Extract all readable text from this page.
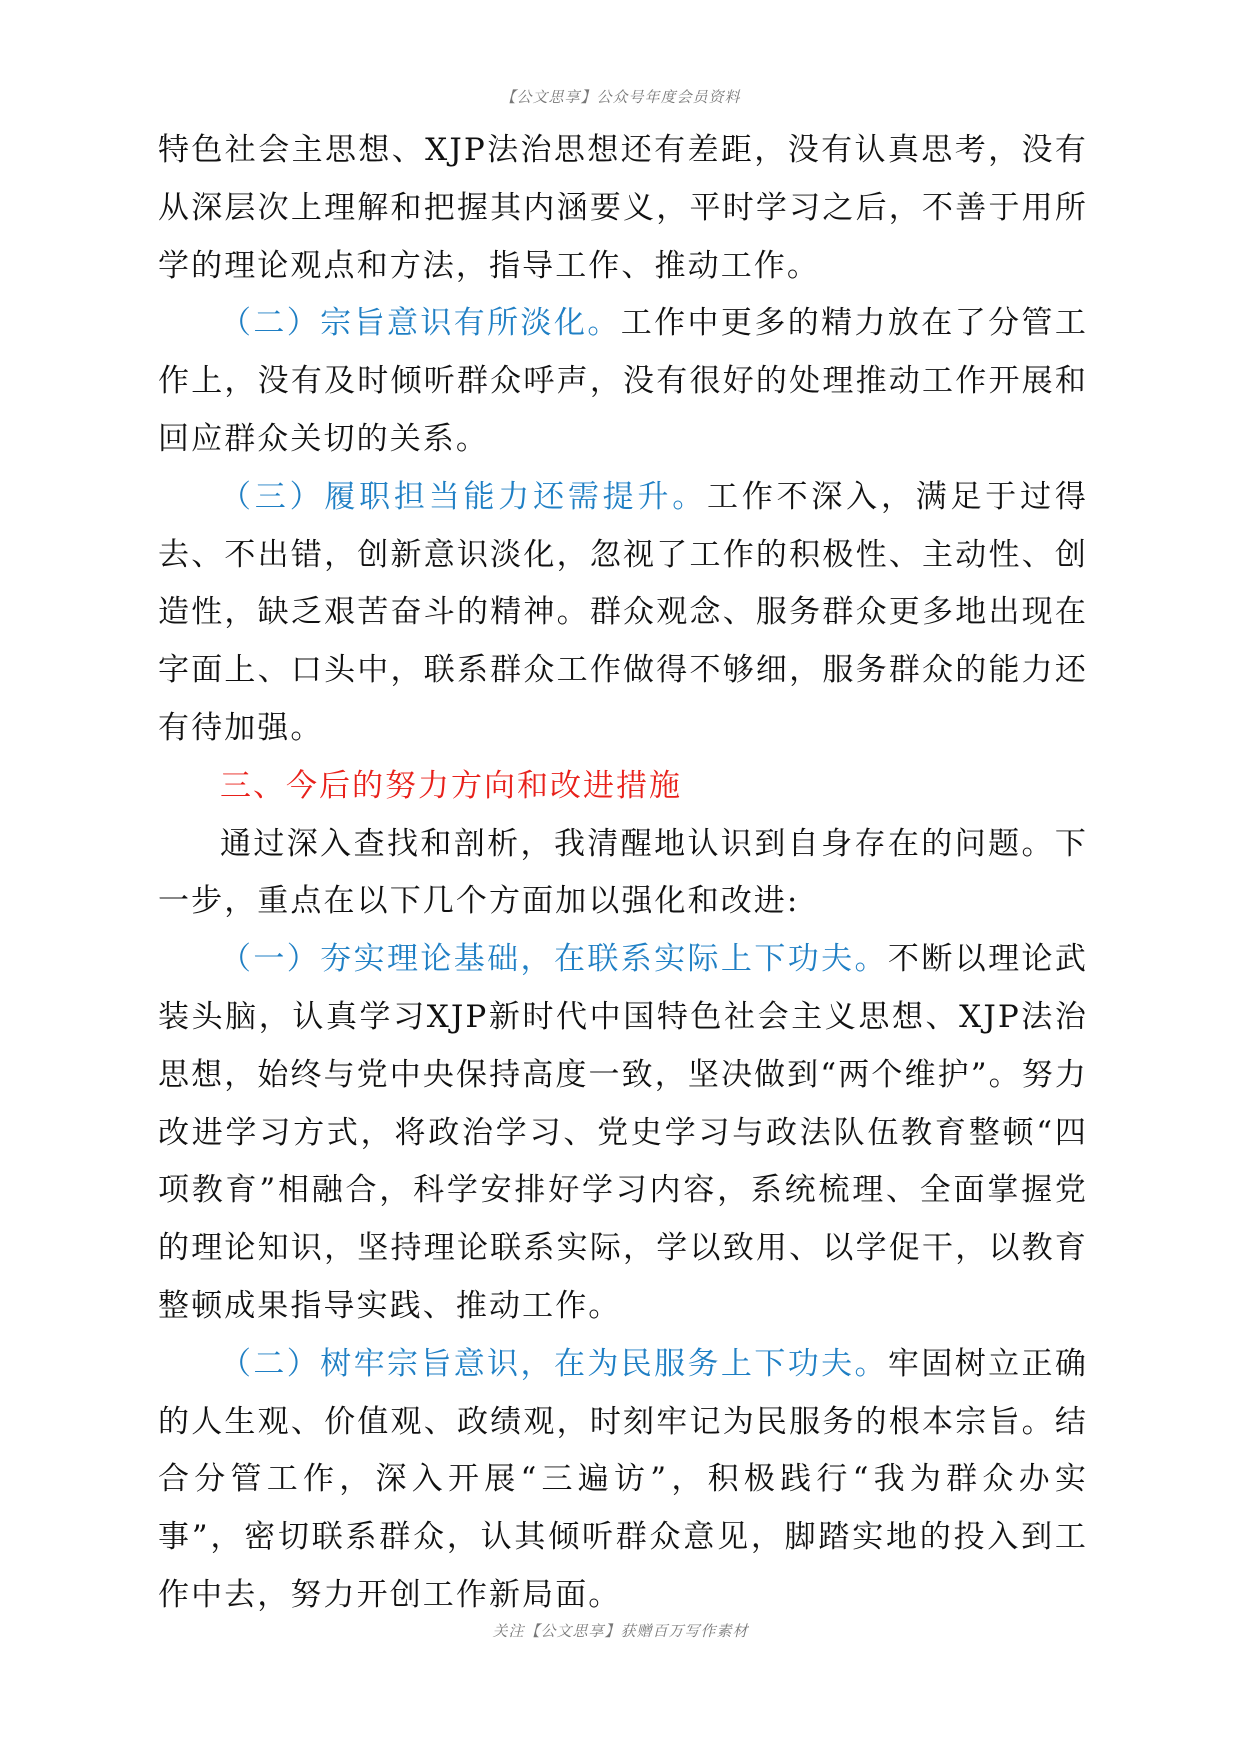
【公文思享】公众号年度会员资料

特色社会主思想、XJP法治思想还有差距，没有认真思考，没有从深层次上理解和把握其内涵要义，平时学习之后，不善于用所学的理论观点和方法，指导工作、推动工作。

（二）宗旨意识有所淡化。工作中更多的精力放在了分管工作上，没有及时倾听群众呼声，没有很好的处理推动工作开展和回应群众关切的关系。

（三）履职担当能力还需提升。工作不深入，满足于过得去、不出错，创新意识淡化，忽视了工作的积极性、主动性、创造性，缺乏艰苦奋斗的精神。群众观念、服务群众更多地出现在字面上、口头中，联系群众工作做得不够细，服务群众的能力还有待加强。

三、今后的努力方向和改进措施

通过深入查找和剖析，我清醒地认识到自身存在的问题。下一步，重点在以下几个方面加以强化和改进:

（一）夯实理论基础，在联系实际上下功夫。不断以理论武装头脑，认真学习XJP新时代中国特色社会主义思想、XJP法治思想，始终与党中央保持高度一致，坚决做到“两个维护”。努力改进学习方式，将政治学习、党史学习与政法队伍教育整顿“四项教育”相融合，科学安排好学习内容，系统梳理、全面掌握党的理论知识，坚持理论联系实际，学以致用、以学促干，以教育整顿成果指导实践、推动工作。

（二）树牢宗旨意识，在为民服务上下功夫。牢固树立正确的人生观、价值观、政绩观，时刻牢记为民服务的根本宗旨。结合分管工作，深入开展“三遍访”，积极践行“我为群众办实事”，密切联系群众，认其倾听群众意见，脚踏实地的投入到工作中去，努力开创工作新局面。

关注【公文思享】获赠百万写作素材
